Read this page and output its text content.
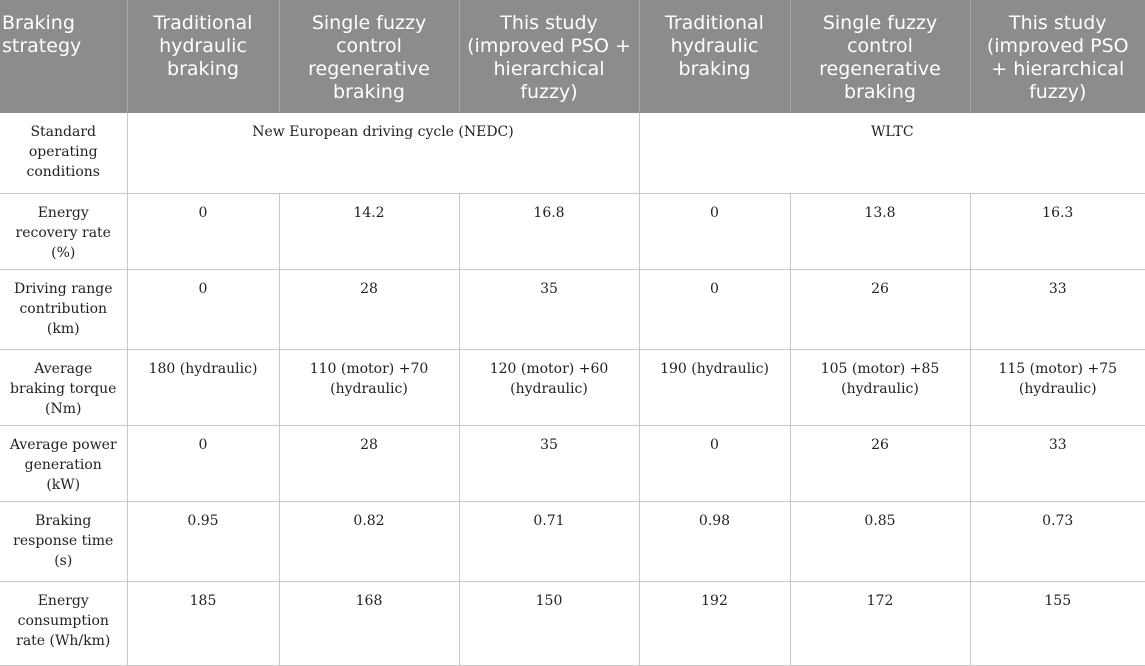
Braking strategy	Traditional hydraulic braking	Single fuzzy control regenerative braking	This study (improved PSO + hierarchical fuzzy)	Traditional hydraulic braking	Single fuzzy control regenerative braking	This study (improved PSO + hierarchical fuzzy)
Standard operating conditions	New European driving cycle (NEDC)			WLTC		
Energy recovery rate (%)	0	14.2	16.8	0	13.8	16.3
Driving range contribution (km)	0	28	35	0	26	33
Average braking torque (Nm)	180 (hydraulic)	110 (motor) +70 (hydraulic)	120 (motor) +60 (hydraulic)	190 (hydraulic)	105 (motor) +85 (hydraulic)	115 (motor) +75 (hydraulic)
Average power generation (kW)	0	28	35	0	26	33
Braking response time (s)	0.95	0.82	0.71	0.98	0.85	0.73
Energy consumption rate (Wh/km)	185	168	150	192	172	155
